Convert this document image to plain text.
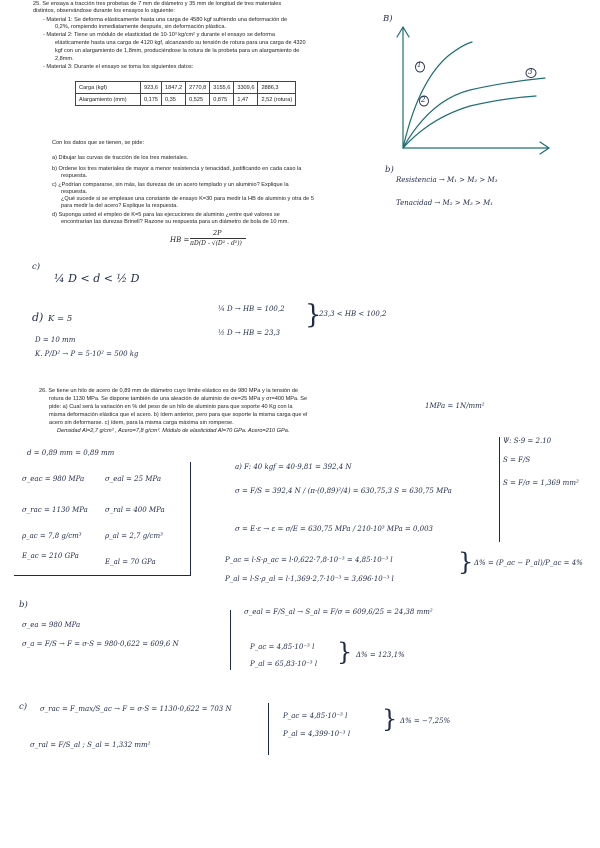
25. Se ensaya a tracción tres probetas de 7 mm de diámetro y 35 mm de longitud de tres materiales
distintos, observándose durante los ensayos lo siguiente:
- Material 1: Se deforma elásticamente hasta una carga de 4580 kgf sufriendo una deformación de
0,2%, rompiendo inmediatamente después, sin deformación plástica.
- Material 2: Tiene un módulo de elasticidad de 10·10³ kg/cm² y durante el ensayo se deforma
elásticamente hasta una carga de 4120 kgf, alcanzando su tensión de rotura para una carga de 4320
kgf con un alargamiento de 1,8mm, produciéndose la rotura de la probeta para un alargamiento de
2,8mm.
- Material 3: Durante el ensayo se toma los siguientes datos:
Carga (kgf)	923,6	1847,2	2770,8	3155,6	3309,6	2886,3
Alargamiento (mm)	0,175	0,35	0,525	0,875	1,47	2,52 (rotura)
Con los datos que se tienen, se pide:
a) Dibujar las curvas de tracción de los tres materiales.
b) Ordene los tres materiales de mayor a menor resistencia y tenacidad, justificando en cada caso la
respuesta.
c) ¿Podrían compararse, sin más, las durezas de un acero templado y un aluminio? Explique la
respuesta.
¿Qué sucede si se emplease una constante de ensayo K=30 para medir la HB de aluminio y otra de 5
para medir la del acero? Explique la respuesta.
d) Suponga usted el empleo de K=5 para las ejecuciones de aluminio ¿entre qué valores se
encontrarían las durezas Brinell? Razone su respuesta para un diámetro de bola de 10 mm.
HB =
2P
πD(D - √(D² - d²))
B)
1
2
3
b)
Resistencia → M₁ > M₂ > M₃
Tenacidad → M₂ > M₃ > M₁
c)
¼ D < d < ½ D
d) K = 5
D = 10 mm
K. P/D² → P = 5·10² = 500 kg
¼ D → HB = 100,2
½ D → HB = 23,3
}
23,3 < HB < 100,2
26. Se tiene un hilo de acero de 0,89 mm de diámetro cuyo límite elástico es de 980 MPa y la tensión de
rotura de 1130 MPa. Se dispone también de una aleación de aluminio de σe=25 MPa y σr=400 MPa. Se
pide: a) Cual será la variación en % del peso de un hilo de aluminio para que soporte 40 Kg con la
misma deformación elástica que el acero. b) ídem anterior, pero para que soporte la misma carga que el
acero sin deformarse. c) ídem, para la misma carga máxima sin romperse.
Densidad Al=2,7 g/cm³ , Acero=7,8 g/cm³. Módulo de elasticidad Al=70 GPa. Acero=210 GPa.
1MPa = 1N/mm²
Ψ: S·9 = 2.10
S = F/S
S = F/σ = 1,369 mm²
d = 0,89 mm = 0,89 mm
σ_eac = 980 MPa	σ_eal = 25 MPa
σ_rac = 1130 MPa σ_ral = 400 MPa
ρ_ac = 7,8 g/cm³	ρ_al = 2,7 g/cm³
E_ac = 210 GPa
E_al = 70 GPa
a) F: 40 kgf = 40·9,81 = 392,4 N
σ = F/S = 392,4 N / (π·(0,89)²/4) = 630,75,3 S = 630,75 MPa
σ = E·ε → ε = σ/E = 630,75 MPa / 210·10³ MPa = 0,003
P_ac = l·S·ρ_ac = l·0,622·7,8·10⁻³ = 4,85·10⁻³ l
P_al = l·S·ρ_al = l·1,369·2,7·10⁻³ = 3,696·10⁻³ l
} Δ% = (P_ac − P_al)/P_ac = 4%
b)
σ_ea = 980 MPa
σ_a = F/S → F = σ·S = 980·0,622 = 609,6 N
σ_eal = F/S_al → S_al = F/σ = 609,6/25 = 24,38 mm²
P_ac = 4,85·10⁻³ l
P_al = 65,83·10⁻³ l } Δ% = 123,1%
c) σ_rac = F_max/S_ac → F = σ·S = 1130·0,622 = 703 N
σ_ral = F/S_al ; S_al = 1,332 mm²
P_ac = 4,85·10⁻³ l
P_al = 4,399·10⁻³ l
} Δ% = −7,25%
